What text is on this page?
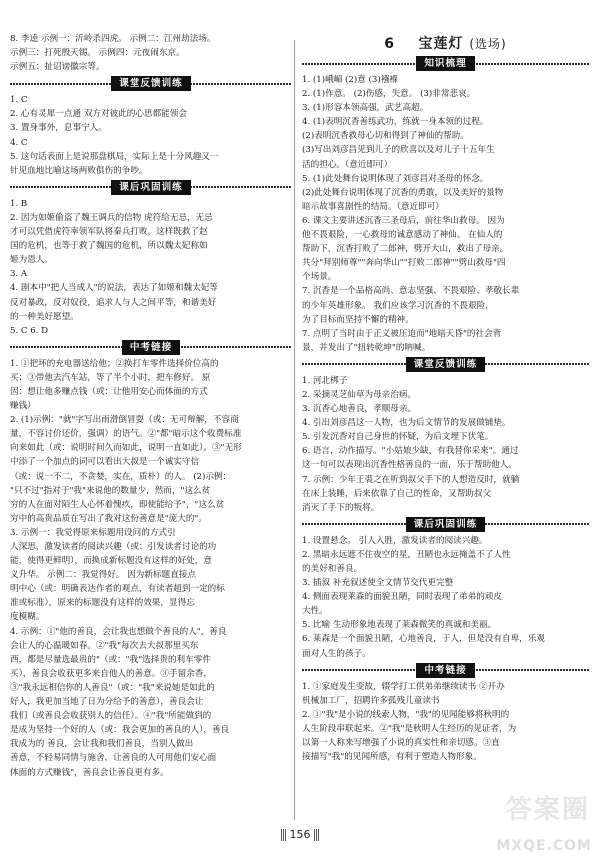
8. 李逵 示例一：沂岭杀四虎。 示例二：江州劫法场。
示例三：打死殷天锡。 示例四：元夜闹东京。
示例五：扯诏谤徽宗等。
课堂反馈训练
1. C
2. 心有灵犀一点通 双方对彼此的心思都能领会
3. 置身事外，息事宁人。
4. C
5. 这句话表面上是说那盘棋局，实际上是十分风趣又一
针见血地比喻这场两败俱伤的争吵。
课后巩固训练
1. B
2. 因为如姬偷盗了魏王调兵的信物 虎符给无忌，无忌
才可以凭借虎符率领军队将秦兵打败，这样既救了赵
国的危机，也等于救了魏国的危机，所以魏太妃称如
姬为恩人。
3. A
4. 剧本中"把人当成人"的说法，表达了如姬和魏太妃等
反对暴政，反对奴役，追求人与人之间平等，和谐美好
的一种美好愿望。
5. C 6. D
中考链接
1. ①把坏的充电器送给他；②换打车零件选择价位高的
买；③带他去汽车站，等了半个小时，把车修好。 原
因：想让他多赚点钱（或：让他用安心而体面的方式
赚钱）
2. (1)示例："就"字写出雨滑倒冒耍（或：无可辩解，不容商
量，不容讨价还价，强调）的语气。②"都"暗示这个收费标准
向来如此（或：说明时间久而如此，说明一直如此）。③"无形
中添了一个加点的词可以看出大叔是一个诚实守信
（或：说一不二，不贪婪，实在，质朴）的人。 (2)示例：
"只不过"指对于"我"来说他的数量少，然而，"这么贫
穷的人在面对陌生人心怀着愧疚，即使能给予"，"这么贫
穷中的高贵品质在写出了我对这份善意是"庞大的"。
3. 示例一：我觉得原来标题用设问的方式引
人深思，激发读者的阅读兴趣（或：引发读者讨论的功
能，使得更鲜明），而换成新标题没有这样的好处，意
义升华。 示例二：我觉得好。 因为新标题直接点
明中心（或：明确表达作者的观点，有读者超到一定的标
准或标准），原来的标题没有这样的效果，显得忘
度模糊。
4. 示例：①"他的善良，会让我也想做个善良的人"，善良
会让人的心温暖如春。②"我"每次去大叔那里买东
西，都是尽量选最贵的"（或："我"选择贵的利车零件
买），善良会收获更多来自他人的善意。③手留余香，
③"我永远相信你的人善良"（或："我"来说她是如此的
好人，我更加当地了日为分给予的善意），善良会让
我们（或善良会收获别人的信任）。④"我"所能做到的
是成为坚持一个好的人（或：我会更加的善良的人），善良
我成为的 善良，会让我和我们善良，当别人做出
善意，不轻易同情与施舍，让善良的人可用他们安心面
体面的方式赚钱"，善良会让善良更有多。
6 宝莲灯 (选场)
知识梳理
1. (1)峨嵋 (2)意 (3)襁褓
2. (1)作意。 (2)伤感，失意。 (3)非常悲哀。
3. (1)形容本领高强，武艺高超。
4. (1)表明沉香善练武功，练就一身本领的过程。
(2)表明沉香救母心切和得到了神仙的帮助。
(3)写出刘彦昌见到儿子的欣喜以及对儿子十五年生
活的担心。（意近即可）
5. (1)此处舞台说明体现了刘彦昌对圣母的怀念。
(2)此处舞台说明体现了沉香的勇敢，以及美好的景物
暗示故事喜剧性的结局。（意近即可）
6. 课文主要讲述沉香三圣母后，前往华山救母。 因为
他不畏艰险，一心救母的诚意感动了神仙。 在仙人的
帮助下，沉香打败了二郎神，劈开大山，救出了母亲。
共分"拜别师尊""奔向华山""打败二郎神""劈山救母"四
个场景。
7. 沉香是一个品格高尚、意志坚强、不畏艰险、孝敬长辈
的少年英雄形象。 我们应该学习沉香的不畏艰险，
为了目标而坚持不懈的精神。
7. 点明了当时由于正义被压迫而"地暗天昏"的社会背
景，并发出了"扭转乾坤"的呐喊。
课堂反馈训练
1. 河北梆子
2. 采摘灵芝仙草为母亲治病。
3. 沉香心地善良，孝顺母亲。
4. 引出刘彦昌这一人物，也为后文情节的发展做铺垫。
5. 引发沉香对自己身世的怀疑，为后文埋下伏笔。
6. 语言，动作描写。"小姑娘少缺，有我替你采来"。通过
这一句可以表现出沉香性格善良的一面，乐于帮助他人。
7. 示例：少年王裘之在听到叔父手下的人想造反时，就躺
在床上装睡，后来依靠了自己的性命，又帮助叔父
消灭了手下的叛将。
课后巩固训练
1. 设置悬念。 引人入胜，激发读者的阅读兴趣。
2. 黑暗永远遮不住夜空的星，丑陋也永远掩盖不了人性
的美好和善良。
3. 插叙 补充叙述使全文情节交代更完整
4. 侧面表现莱森的面貌丑陋，同时表现了弟弟的顽皮
大性。
5. 比喻 生动形象地表现了莱森微笑的真诚和美丽。
6. 莱森是一个面貌丑陋，心地善良，于人，但是没有自卑，乐观
面对人生的孩子。
中考链接
1. ①家庭发生变故，辍学打工供弟弟继续读书 ②开办
机械加工厂，招聘许多孤残儿童读书
2. ①"我"是小说的线索人物，"我"的见闻能够将秋明的
人生阶段串联起来。②"我"是秋明人生经历的见证者，为
以第一人称来写增强了小说的真实性和亲切感。③直
接描写"我"的见闻所感，有利于塑造人物形象。
156
答案圈
MXQE.COM
